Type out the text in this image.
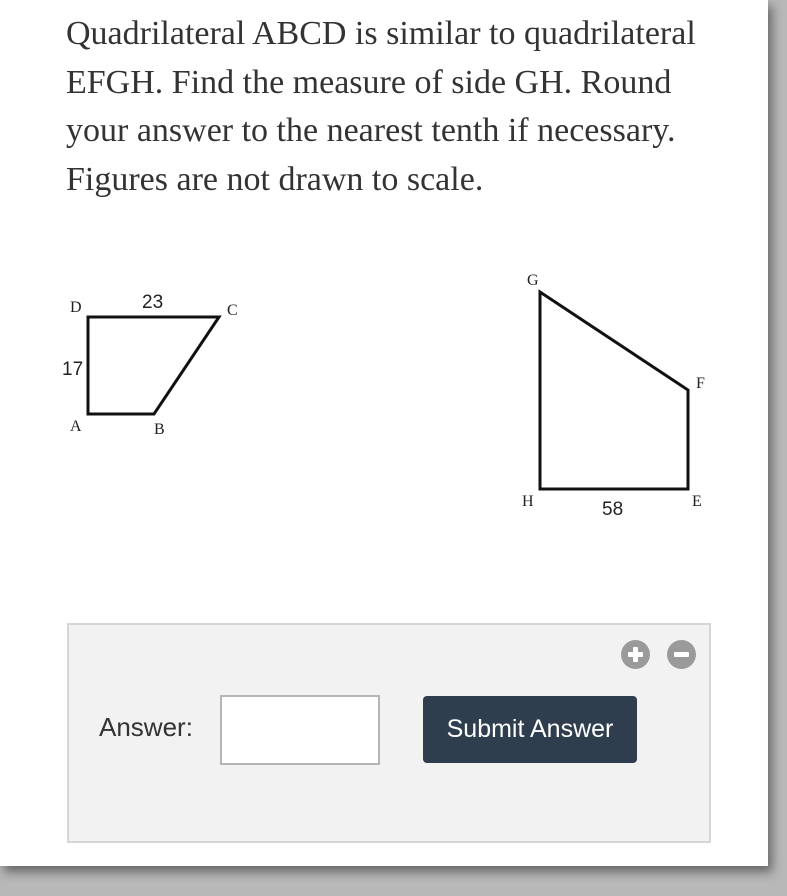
Quadrilateral ABCD is similar to quadrilateral EFGH. Find the measure of side GH. Round your answer to the nearest tenth if necessary. Figures are not drawn to scale.
D	C
A	B
23
17
G
F
H	E
58
Answer:	Submit Answer
